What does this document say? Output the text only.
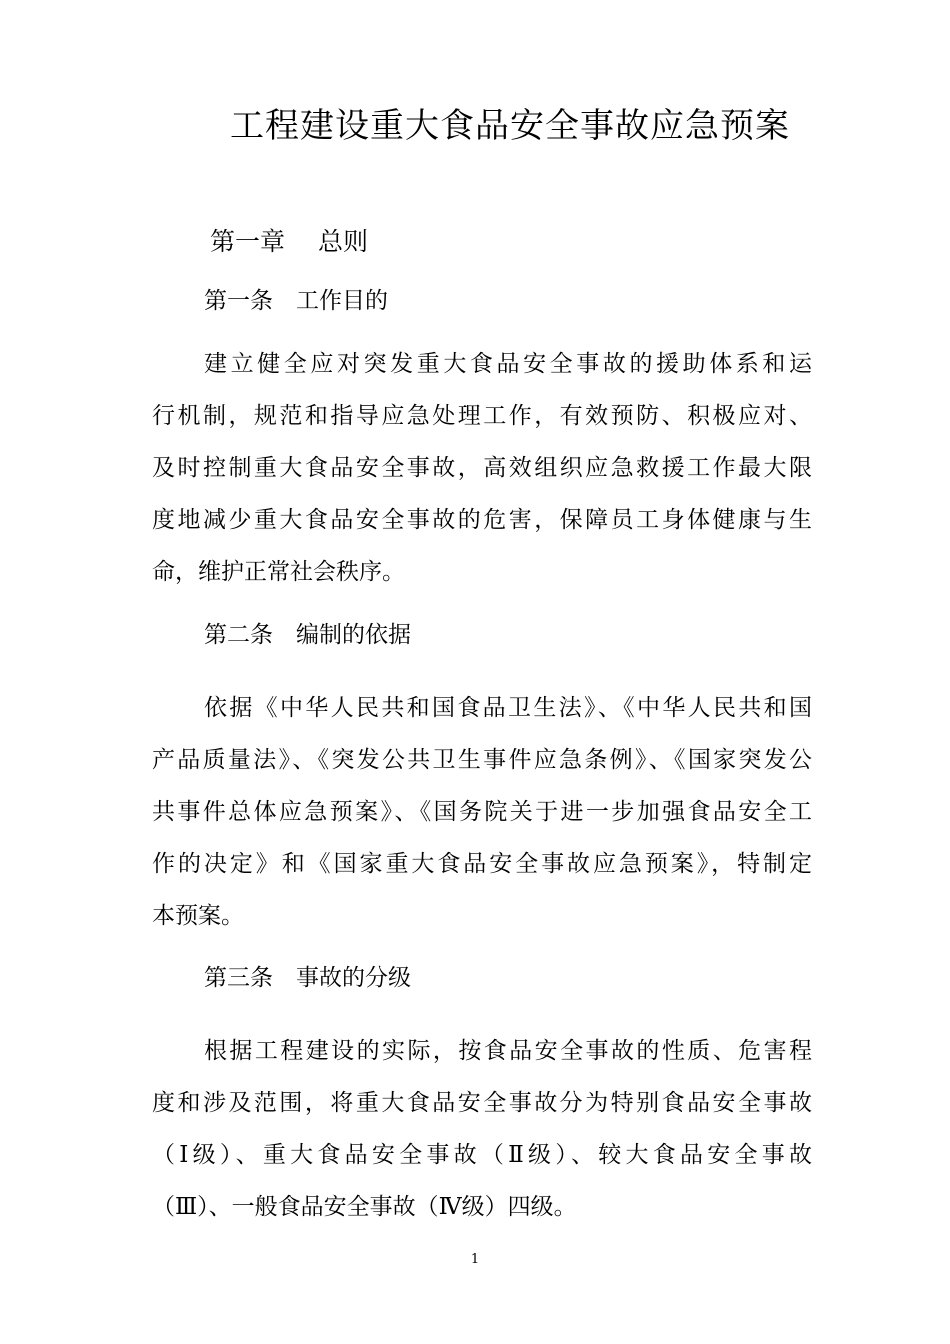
工程建设重大食品安全事故应急预案
第一章　 总则
第一条　工作目的
建立健全应对突发重大食品安全事故的援助体系和运
行机制，规范和指导应急处理工作，有效预防、积极应对、
及时控制重大食品安全事故，高效组织应急救援工作最大限
度地减少重大食品安全事故的危害，保障员工身体健康与生
命，维护正常社会秩序。
第二条　编制的依据
依据《中华人民共和国食品卫生法》、《中华人民共和国
产品质量法》、《突发公共卫生事件应急条例》、《国家突发公
共事件总体应急预案》、《国务院关于进一步加强食品安全工
作的决定》和《国家重大食品安全事故应急预案》，特制定
本预案。
第三条　事故的分级
根据工程建设的实际，按食品安全事故的性质、危害程
度和涉及范围，将重大食品安全事故分为特别食品安全事故
（Ⅰ级）、重大食品安全事故（Ⅱ级）、较大食品安全事故
（Ⅲ）、一般食品安全事故（Ⅳ级）四级。
1
